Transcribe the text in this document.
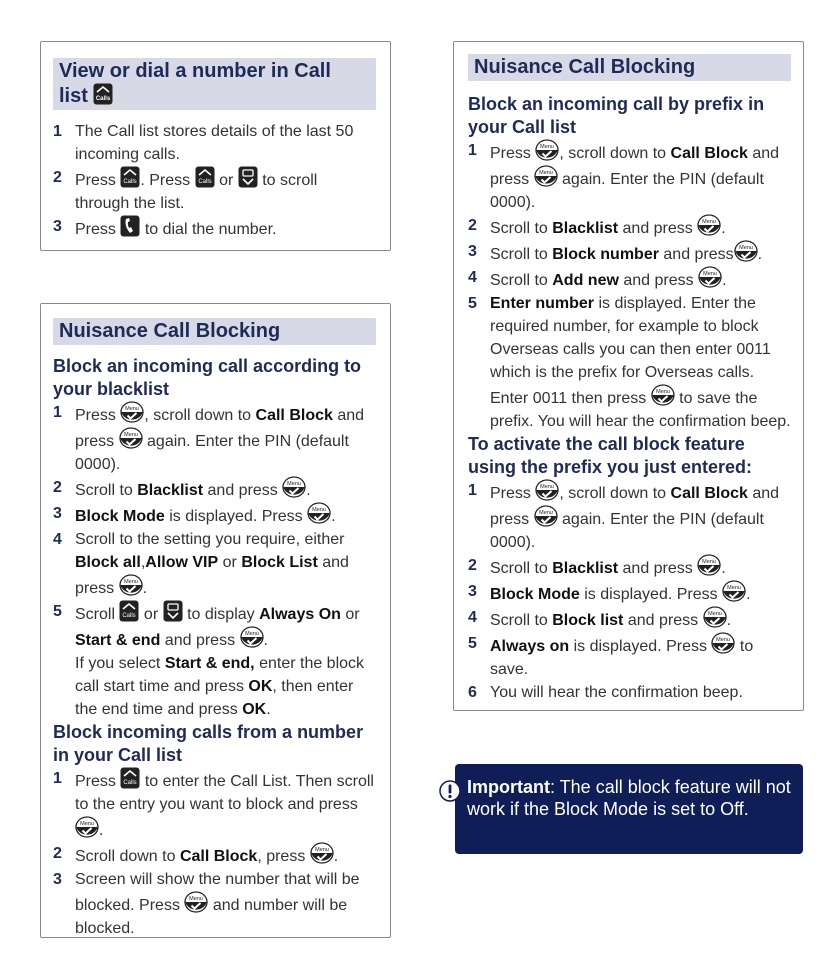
View or dial a number in Call
list
1 The Call list stores details of the last 50 incoming calls.
2 Press . Press or to scroll through the list.
3 Press to dial the number.
Nuisance Call Blocking
Block an incoming call according to your blacklist
1 Press , scroll down to Call Block and press again. Enter the PIN (default 0000).
2 Scroll to Blacklist and press .
3 Block Mode is displayed. Press .
4 Scroll to the setting you require, either Block all,Allow VIP or Block List and press .
5 Scroll or to display Always On or Start & end and press .
If you select Start & end, enter the block call start time and press OK, then enter the end time and press OK.
Block incoming calls from a number in your Call list
1 Press to enter the Call List. Then scroll to the entry you want to block and press .
2 Scroll down to Call Block, press .
3 Screen will show the number that will be blocked. Press and number will be blocked.
Nuisance Call Blocking
Block an incoming call by prefix in your Call list
1 Press , scroll down to Call Block and press again. Enter the PIN (default 0000).
2 Scroll to Blacklist and press .
3 Scroll to Block number and press .
4 Scroll to Add new and press .
5 Enter number is displayed. Enter the required number, for example to block Overseas calls you can then enter 0011 which is the prefix for Overseas calls. Enter 0011 then press to save the prefix. You will hear the confirmation beep.
To activate the call block feature using the prefix you just entered:
1 Press , scroll down to Call Block and press again. Enter the PIN (default 0000).
2 Scroll to Blacklist and press .
3 Block Mode is displayed. Press .
4 Scroll to Block list and press .
5 Always on is displayed. Press to save.
6 You will hear the confirmation beep.
Important: The call block feature will not work if the Block Mode is set to Off.
